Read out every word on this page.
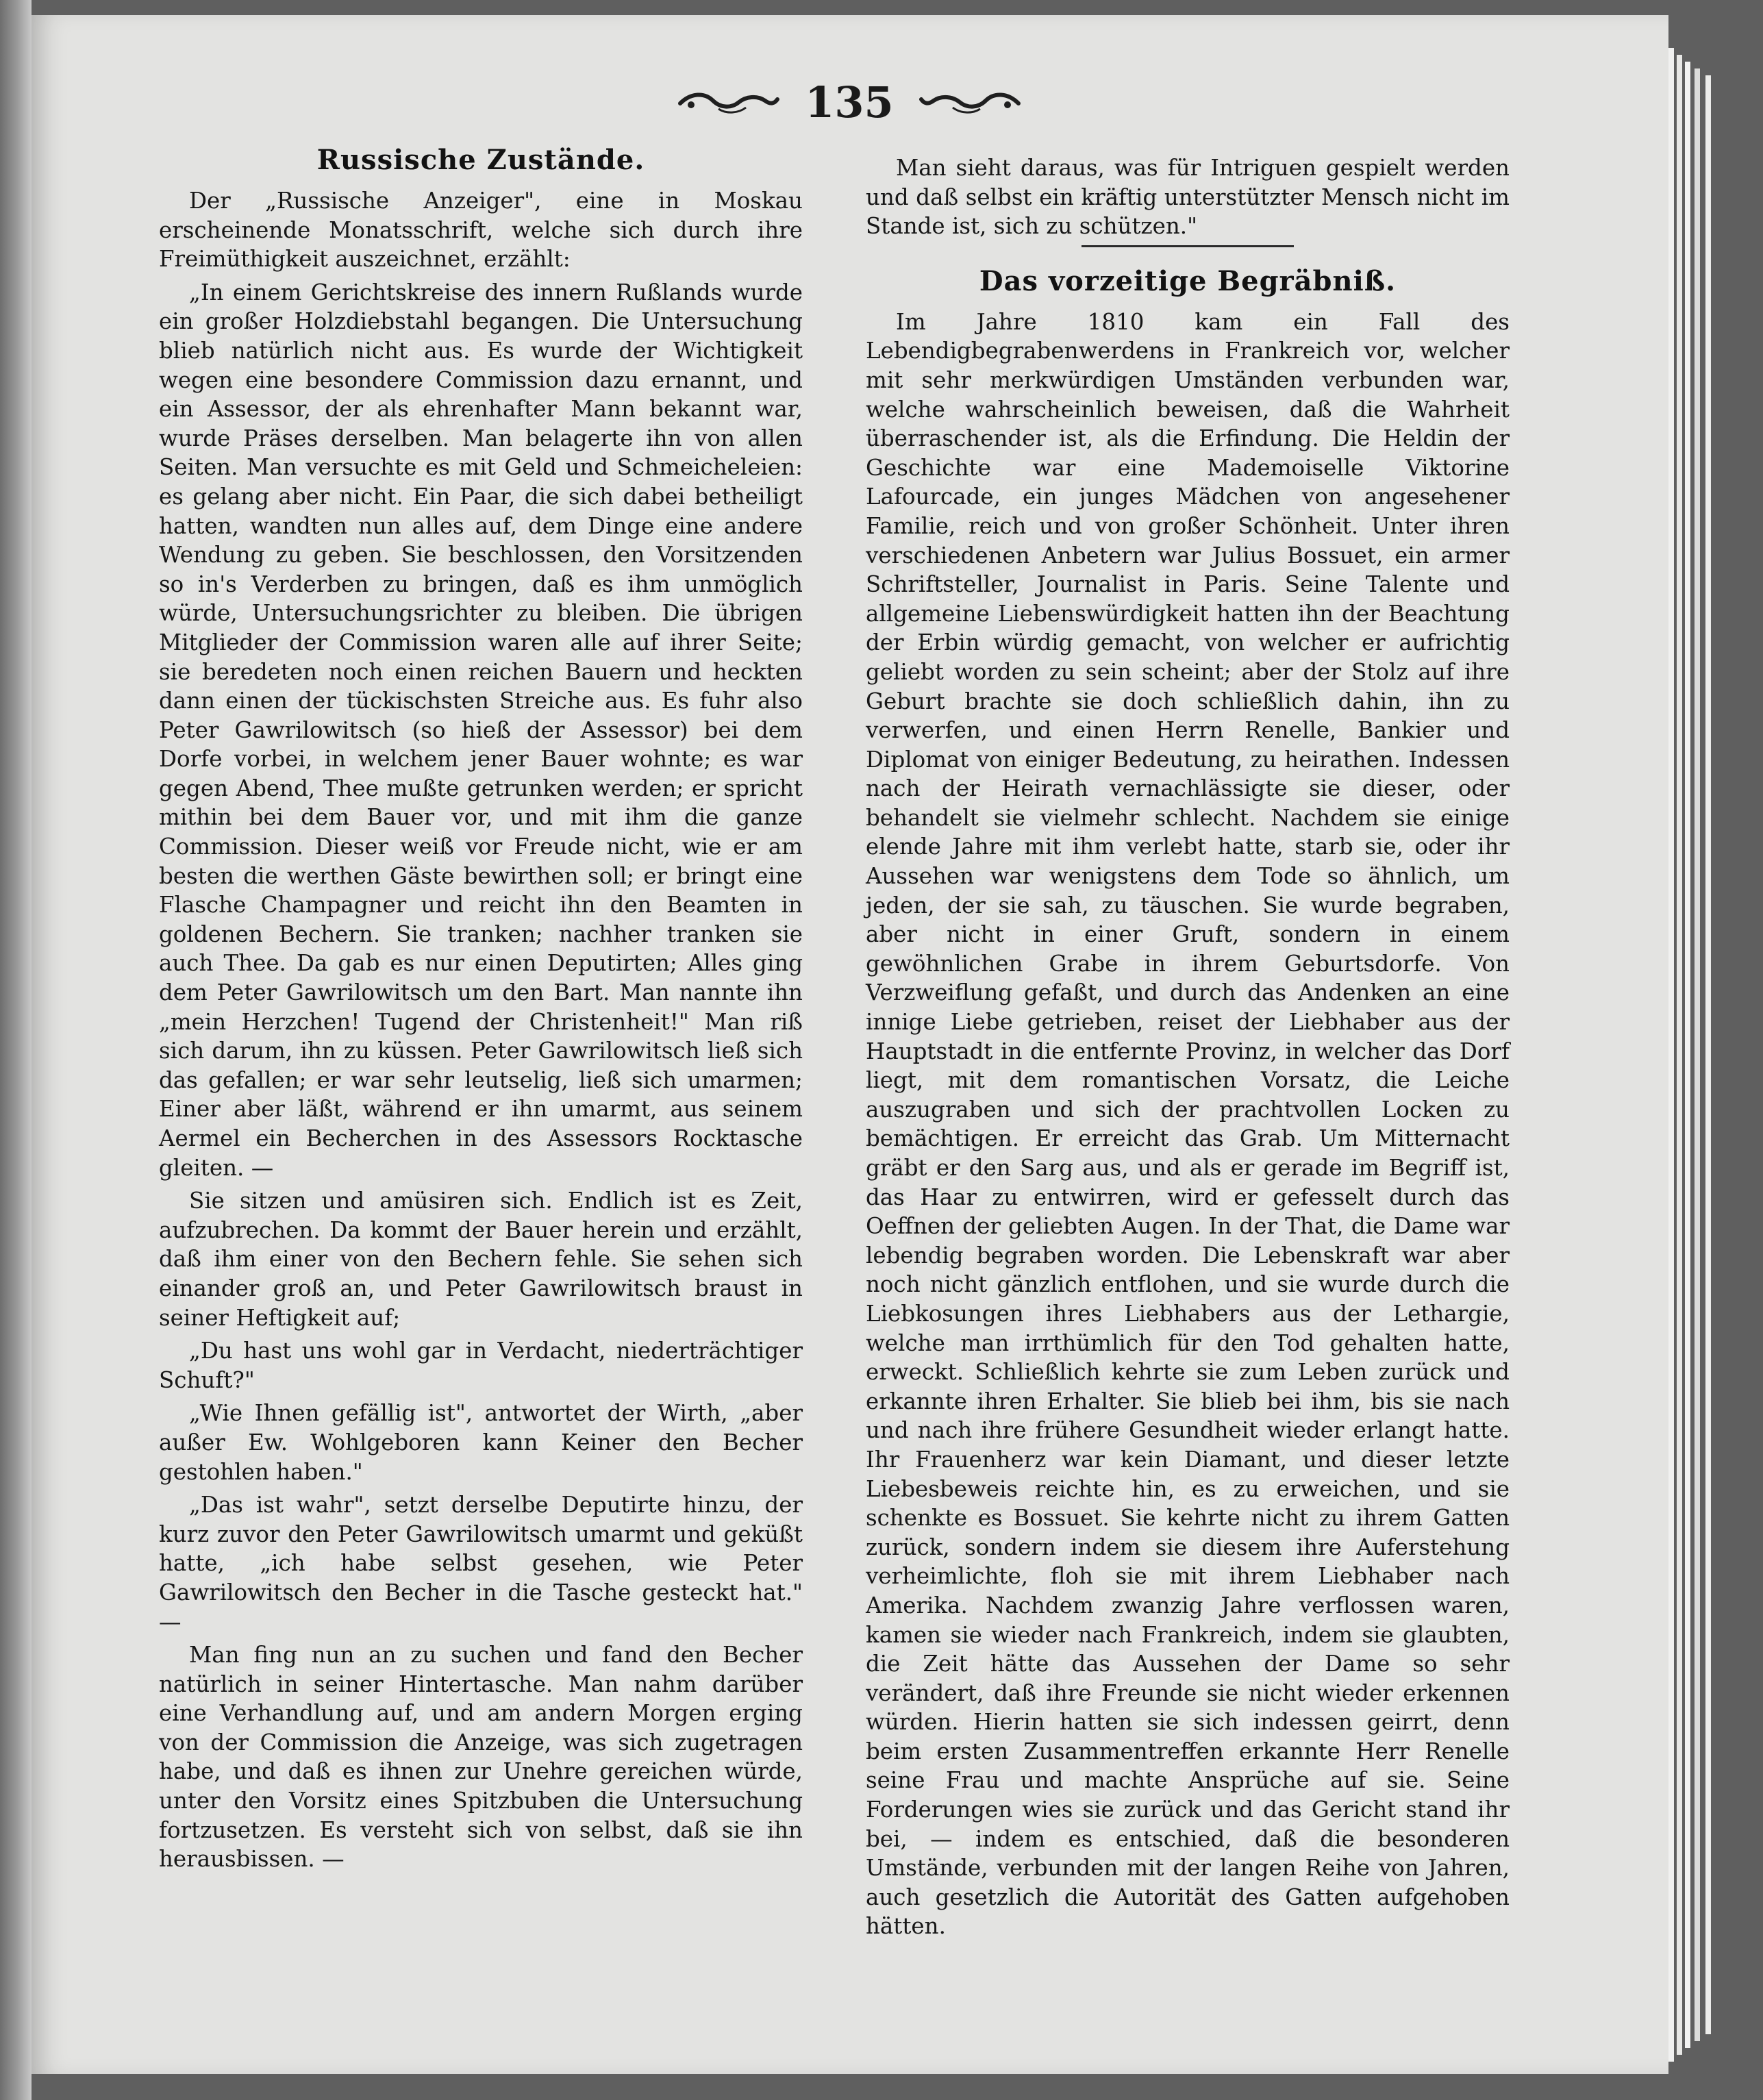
135
Russische Zustände.

Der „Russische Anzeiger", eine in Moskau erscheinende Monatsschrift, welche sich durch ihre Freimüthigkeit auszeichnet, erzählt:

„In einem Gerichtskreise des innern Rußlands wurde ein großer Holzdiebstahl begangen. Die Untersuchung blieb natürlich nicht aus. Es wurde der Wichtigkeit wegen eine besondere Commission dazu ernannt, und ein Assessor, der als ehrenhafter Mann bekannt war, wurde Präses derselben. Man belagerte ihn von allen Seiten. Man versuchte es mit Geld und Schmeicheleien: es gelang aber nicht. Ein Paar, die sich dabei betheiligt hatten, wandten nun alles auf, dem Dinge eine andere Wendung zu geben. Sie beschlossen, den Vorsitzenden so in's Verderben zu bringen, daß es ihm unmöglich würde, Untersuchungsrichter zu bleiben. Die übrigen Mitglieder der Commission waren alle auf ihrer Seite; sie beredeten noch einen reichen Bauern und heckten dann einen der tückischsten Streiche aus. Es fuhr also Peter Gawrilowitsch (so hieß der Assessor) bei dem Dorfe vorbei, in welchem jener Bauer wohnte; es war gegen Abend, Thee mußte getrunken werden; er spricht mithin bei dem Bauer vor, und mit ihm die ganze Commission. Dieser weiß vor Freude nicht, wie er am besten die werthen Gäste bewirthen soll; er bringt eine Flasche Champagner und reicht ihn den Beamten in goldenen Bechern. Sie tranken; nachher tranken sie auch Thee. Da gab es nur einen Deputirten; Alles ging dem Peter Gawrilowitsch um den Bart. Man nannte ihn „mein Herzchen! Tugend der Christenheit!" Man riß sich darum, ihn zu küssen. Peter Gawrilowitsch ließ sich das gefallen; er war sehr leutselig, ließ sich umarmen; Einer aber läßt, während er ihn umarmt, aus seinem Aermel ein Becherchen in des Assessors Rocktasche gleiten. —

Sie sitzen und amüsiren sich. Endlich ist es Zeit, aufzubrechen. Da kommt der Bauer herein und erzählt, daß ihm einer von den Bechern fehle. Sie sehen sich einander groß an, und Peter Gawrilowitsch braust in seiner Heftigkeit auf;

„Du hast uns wohl gar in Verdacht, niederträchtiger Schuft?"

„Wie Ihnen gefällig ist", antwortet der Wirth, „aber außer Ew. Wohlgeboren kann Keiner den Becher gestohlen haben."

„Das ist wahr", setzt derselbe Deputirte hinzu, der kurz zuvor den Peter Gawrilowitsch umarmt und geküßt hatte, „ich habe selbst gesehen, wie Peter Gawrilowitsch den Becher in die Tasche gesteckt hat." —

Man fing nun an zu suchen und fand den Becher natürlich in seiner Hintertasche. Man nahm darüber eine Verhandlung auf, und am andern Morgen erging von der Commission die Anzeige, was sich zugetragen habe, und daß es ihnen zur Unehre gereichen würde, unter den Vorsitz eines Spitzbuben die Untersuchung fortzusetzen. Es versteht sich von selbst, daß sie ihn herausbissen. —

Man sieht daraus, was für Intriguen gespielt werden und daß selbst ein kräftig unterstützter Mensch nicht im Stande ist, sich zu schützen."

Das vorzeitige Begräbniß.

Im Jahre 1810 kam ein Fall des Lebendigbegrabenwerdens in Frankreich vor, welcher mit sehr merkwürdigen Umständen verbunden war, welche wahrscheinlich beweisen, daß die Wahrheit überraschender ist, als die Erfindung. Die Heldin der Geschichte war eine Mademoiselle Viktorine Lafourcade, ein junges Mädchen von angesehener Familie, reich und von großer Schönheit. Unter ihren verschiedenen Anbetern war Julius Bossuet, ein armer Schriftsteller, Journalist in Paris. Seine Talente und allgemeine Liebenswürdigkeit hatten ihn der Beachtung der Erbin würdig gemacht, von welcher er aufrichtig geliebt worden zu sein scheint; aber der Stolz auf ihre Geburt brachte sie doch schließlich dahin, ihn zu verwerfen, und einen Herrn Renelle, Bankier und Diplomat von einiger Bedeutung, zu heirathen. Indessen nach der Heirath vernachlässigte sie dieser, oder behandelt sie vielmehr schlecht. Nachdem sie einige elende Jahre mit ihm verlebt hatte, starb sie, oder ihr Aussehen war wenigstens dem Tode so ähnlich, um jeden, der sie sah, zu täuschen. Sie wurde begraben, aber nicht in einer Gruft, sondern in einem gewöhnlichen Grabe in ihrem Geburtsdorfe. Von Verzweiflung gefaßt, und durch das Andenken an eine innige Liebe getrieben, reiset der Liebhaber aus der Hauptstadt in die entfernte Provinz, in welcher das Dorf liegt, mit dem romantischen Vorsatz, die Leiche auszugraben und sich der prachtvollen Locken zu bemächtigen. Er erreicht das Grab. Um Mitternacht gräbt er den Sarg aus, und als er gerade im Begriff ist, das Haar zu entwirren, wird er gefesselt durch das Oeffnen der geliebten Augen. In der That, die Dame war lebendig begraben worden. Die Lebenskraft war aber noch nicht gänzlich entflohen, und sie wurde durch die Liebkosungen ihres Liebhabers aus der Lethargie, welche man irrthümlich für den Tod gehalten hatte, erweckt. Schließlich kehrte sie zum Leben zurück und erkannte ihren Erhalter. Sie blieb bei ihm, bis sie nach und nach ihre frühere Gesundheit wieder erlangt hatte. Ihr Frauenherz war kein Diamant, und dieser letzte Liebesbeweis reichte hin, es zu erweichen, und sie schenkte es Bossuet. Sie kehrte nicht zu ihrem Gatten zurück, sondern indem sie diesem ihre Auferstehung verheimlichte, floh sie mit ihrem Liebhaber nach Amerika. Nachdem zwanzig Jahre verflossen waren, kamen sie wieder nach Frankreich, indem sie glaubten, die Zeit hätte das Aussehen der Dame so sehr verändert, daß ihre Freunde sie nicht wieder erkennen würden. Hierin hatten sie sich indessen geirrt, denn beim ersten Zusammentreffen erkannte Herr Renelle seine Frau und machte Ansprüche auf sie. Seine Forderungen wies sie zurück und das Gericht stand ihr bei, — indem es entschied, daß die besonderen Umstände, verbunden mit der langen Reihe von Jahren, auch gesetzlich die Autorität des Gatten aufgehoben hätten.
